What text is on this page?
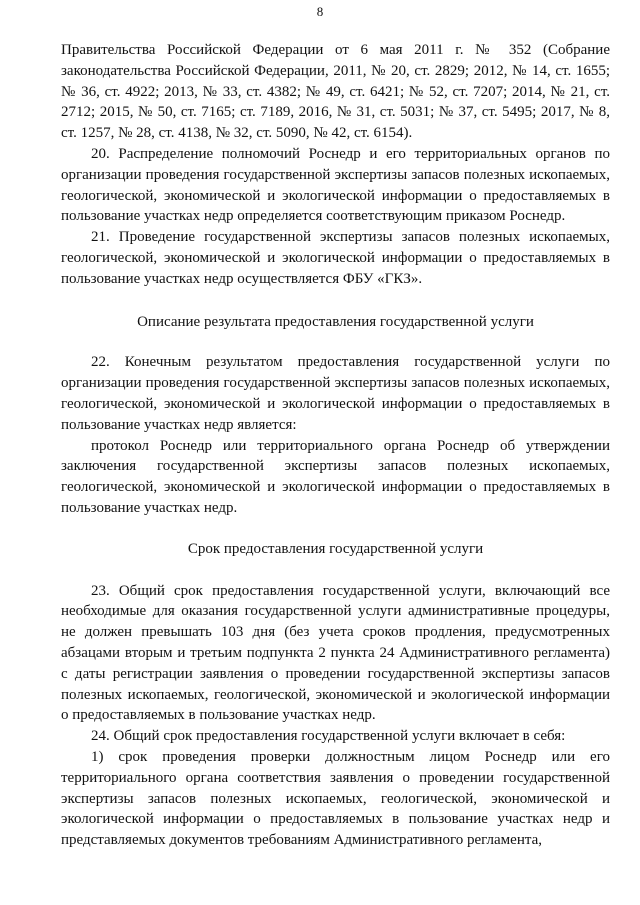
8

Правительства Российской Федерации от 6 мая 2011 г. № 352 (Собрание законодательства Российской Федерации, 2011, № 20, ст. 2829; 2012, № 14, ст. 1655; № 36, ст. 4922; 2013, № 33, ст. 4382; № 49, ст. 6421; № 52, ст. 7207; 2014, № 21, ст. 2712; 2015, № 50, ст. 7165; ст. 7189, 2016, № 31, ст. 5031; № 37, ст. 5495; 2017, № 8, ст. 1257, № 28, ст. 4138, № 32, ст. 5090, № 42, ст. 6154).

20. Распределение полномочий Роснедр и его территориальных органов по организации проведения государственной экспертизы запасов полезных ископаемых, геологической, экономической и экологической информации о предоставляемых в пользование участках недр определяется соответствующим приказом Роснедр.

21. Проведение государственной экспертизы запасов полезных ископаемых, геологической, экономической и экологической информации о предоставляемых в пользование участках недр осуществляется ФБУ «ГКЗ».

Описание результата предоставления государственной услуги

22. Конечным результатом предоставления государственной услуги по организации проведения государственной экспертизы запасов полезных ископаемых, геологической, экономической и экологической информации о предоставляемых в пользование участках недр является:

протокол Роснедр или территориального органа Роснедр об утверждении заключения государственной экспертизы запасов полезных ископаемых, геологической, экономической и экологической информации о предоставляемых в пользование участках недр.

Срок предоставления государственной услуги

23. Общий срок предоставления государственной услуги, включающий все необходимые для оказания государственной услуги административные процедуры, не должен превышать 103 дня (без учета сроков продления, предусмотренных абзацами вторым и третьим подпункта 2 пункта 24 Административного регламента) с даты регистрации заявления о проведении государственной экспертизы запасов полезных ископаемых, геологической, экономической и экологической информации о предоставляемых в пользование участках недр.

24. Общий срок предоставления государственной услуги включает в себя:

1) срок проведения проверки должностным лицом Роснедр или его территориального органа соответствия заявления о проведении государственной экспертизы запасов полезных ископаемых, геологической, экономической и экологической информации о предоставляемых в пользование участках недр и представляемых документов требованиям Административного регламента,
